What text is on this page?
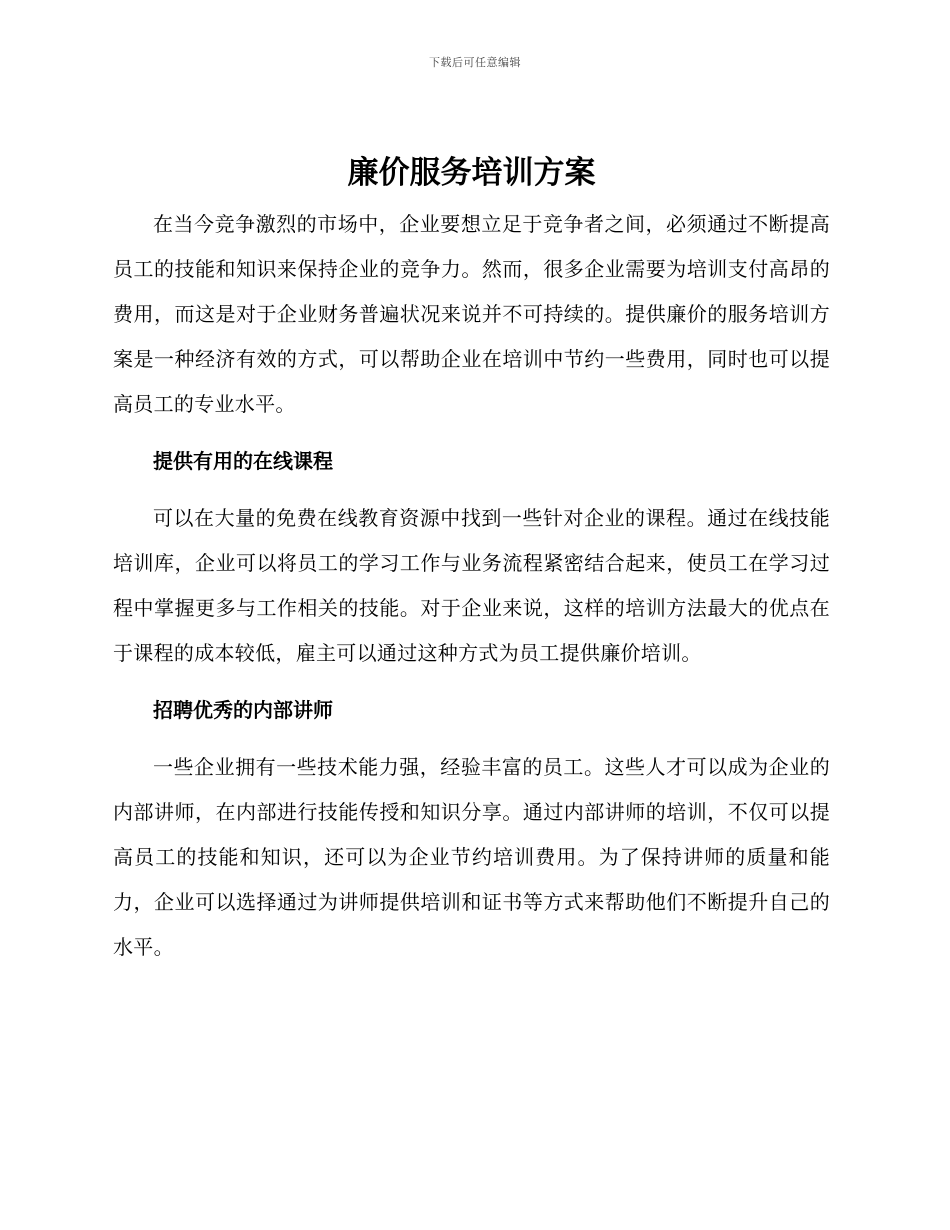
下载后可任意编辑
廉价服务培训方案

在当今竞争激烈的市场中，企业要想立足于竞争者之间，必须通过不断提高员工的技能和知识来保持企业的竞争力。然而，很多企业需要为培训支付高昂的费用，而这是对于企业财务普遍状况来说并不可持续的。提供廉价的服务培训方案是一种经济有效的方式，可以帮助企业在培训中节约一些费用，同时也可以提高员工的专业水平。

提供有用的在线课程

可以在大量的免费在线教育资源中找到一些针对企业的课程。通过在线技能培训库，企业可以将员工的学习工作与业务流程紧密结合起来，使员工在学习过程中掌握更多与工作相关的技能。对于企业来说，这样的培训方法最大的优点在于课程的成本较低，雇主可以通过这种方式为员工提供廉价培训。

招聘优秀的内部讲师

一些企业拥有一些技术能力强，经验丰富的员工。这些人才可以成为企业的内部讲师，在内部进行技能传授和知识分享。通过内部讲师的培训，不仅可以提高员工的技能和知识，还可以为企业节约培训费用。为了保持讲师的质量和能力，企业可以选择通过为讲师提供培训和证书等方式来帮助他们不断提升自己的水平。
